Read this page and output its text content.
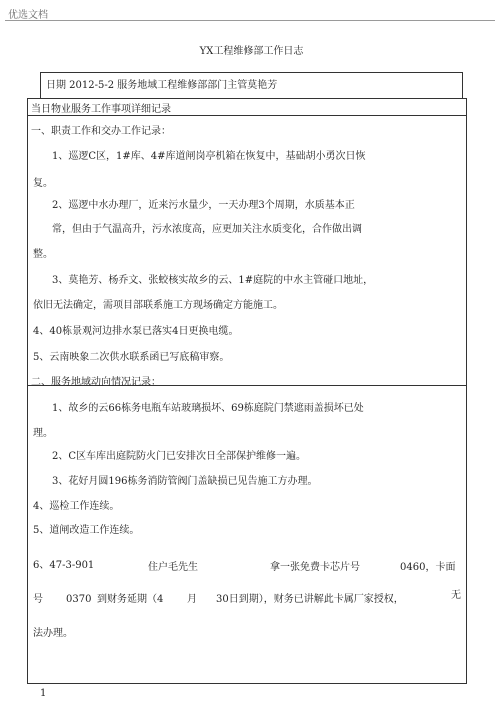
优选文档
YX工程维修部工作日志
日期 2012-5-2 服务地域工程维修部部门主管莫艳芳
当日物业服务工作事项详细记录
一、职责工作和交办工作记录：
1、巡逻C区，1#库、4#库道闸岗亭机箱在恢复中，基础胡小勇次日恢
复。
2、巡逻中水办理厂，近来污水量少，一天办理3个周期，水质基本正
常，但由于气温高升，污水浓度高，应更加关注水质变化，合作做出调
整。
3、莫艳芳、杨乔文、张蛟核实故乡的云、1#庭院的中水主管碰口地址，
依旧无法确定，需项目部联系施工方现场确定方能施工。
4、40栋景观河边排水泵已落实4日更换电缆。
5、云南映象二次供水联系函已写底稿审察。
二、服务地域动向情况记录：
1、故乡的云66栋务电瓶车站玻璃损坏、69栋庭院门禁遮雨盖损坏已处
理。
2、C区车库出庭院防火门已安排次日全部保护维修一遍。
3、花好月圆196栋务消防管阀门盖缺损已见告施工方办理。
4、巡检工作连续。
5、道闸改造工作连续。
6、47-3-901	住户毛先生	拿一张免费卡芯片号	0460，卡面
号 0370 到财务延期（4 月 30日到期），财务已讲解此卡属厂家授权，	无
法办理。
1
